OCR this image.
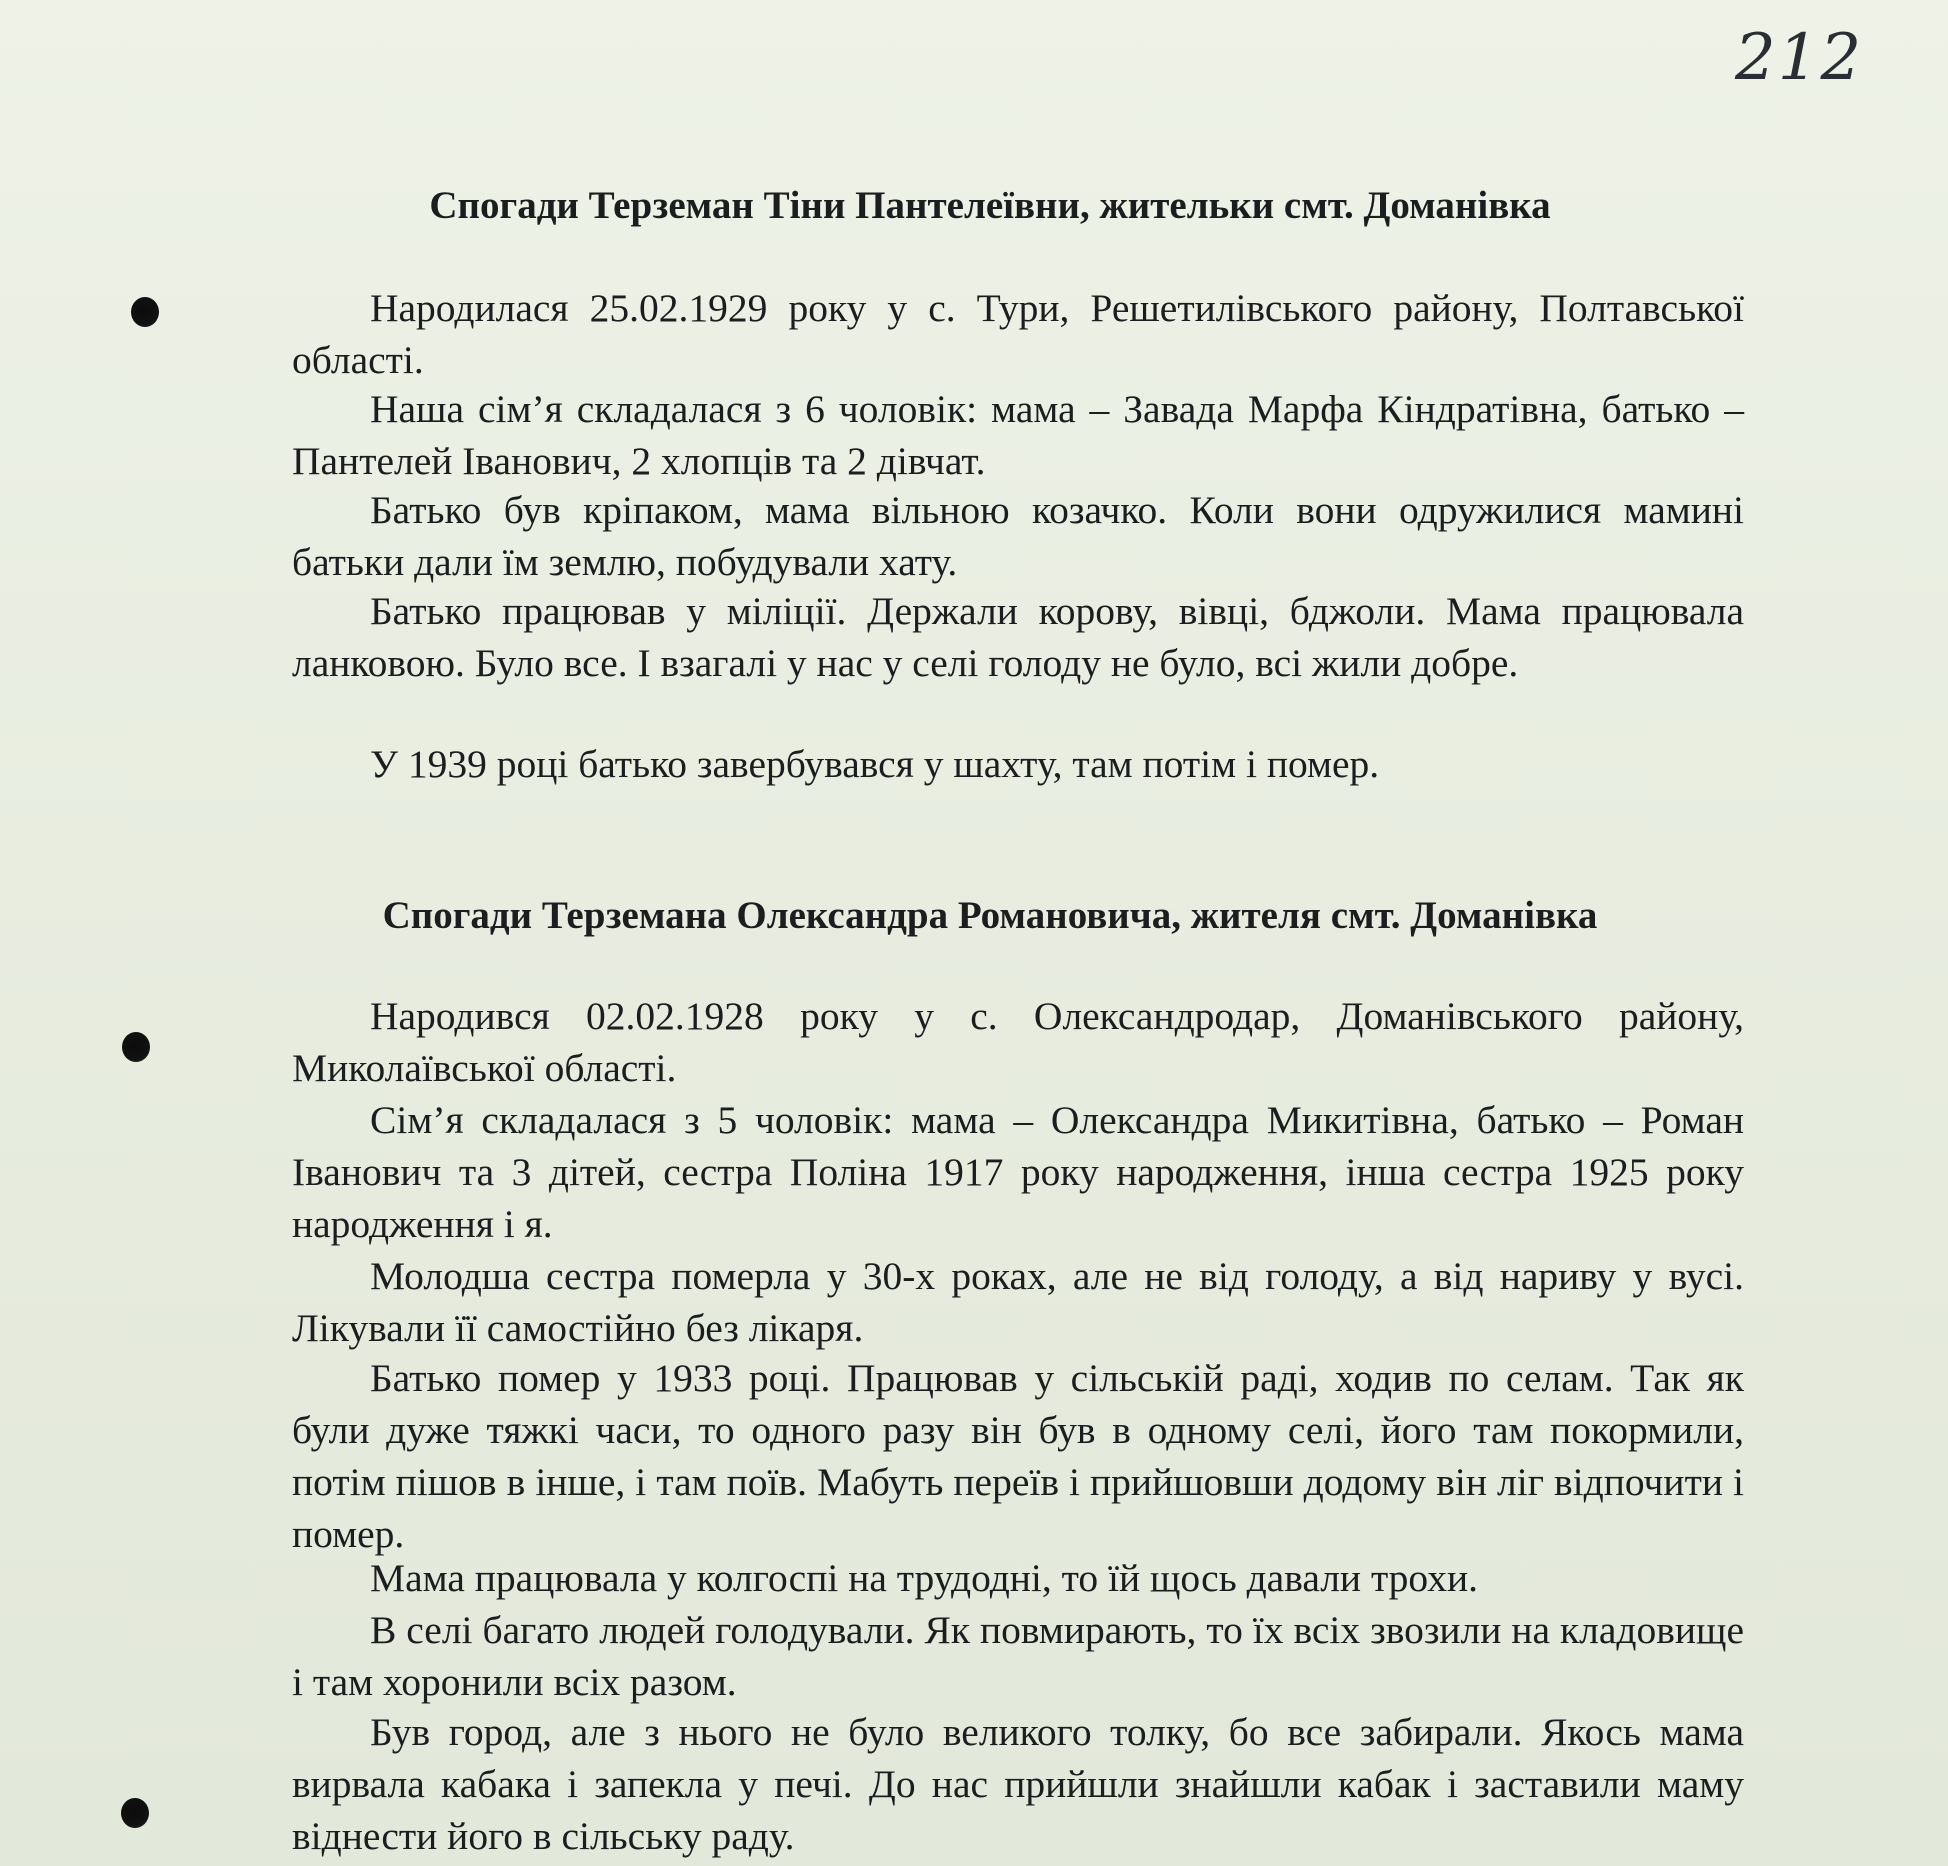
212
Спогади Терземан Тіни Пантелеївни, жительки смт. Доманівка

Народилася 25.02.1929 року у с. Тури, Решетилівського району, Полтавської області.

Наша сім’я складалася з 6 чоловік: мама – Завада Марфа Кіндратівна, батько – Пантелей Іванович, 2 хлопців та 2 дівчат.

Батько був кріпаком, мама вільною козачко. Коли вони одружилися мамині батьки дали їм землю, побудували хату.

Батько працював у міліції. Держали корову, вівці, бджоли. Мама працювала ланковою. Було все. І взагалі у нас у селі голоду не було, всі жили добре.

У 1939 році батько завербувався у шахту, там потім і помер.

Спогади Терземана Олександра Романовича, жителя смт. Доманівка

Народився 02.02.1928 року у с. Олександродар, Доманівського району, Миколаївської області.

Сім’я складалася з 5 чоловік: мама – Олександра Микитівна, батько – Роман Іванович та 3 дітей, сестра Поліна 1917 року народження, інша сестра 1925 року народження і я.

Молодша сестра померла у 30-х роках, але не від голоду, а від нариву у вусі. Лікували її самостійно без лікаря.

Батько помер у 1933 році. Працював у сільській раді, ходив по селам. Так як були дуже тяжкі часи, то одного разу він був в одному селі, його там покормили, потім пішов в інше, і там поїв. Мабуть переїв і прийшовши додому він ліг відпочити і помер.

Мама працювала у колгоспі на трудодні, то їй щось давали трохи.

В селі багато людей голодували. Як повмирають, то їх всіх звозили на кладовище і там хоронили всіх разом.

Був город, але з нього не було великого толку, бо все забирали. Якось мама вирвала кабака і запекла у печі. До нас прийшли знайшли кабак і заставили маму віднести його в сільську раду.
